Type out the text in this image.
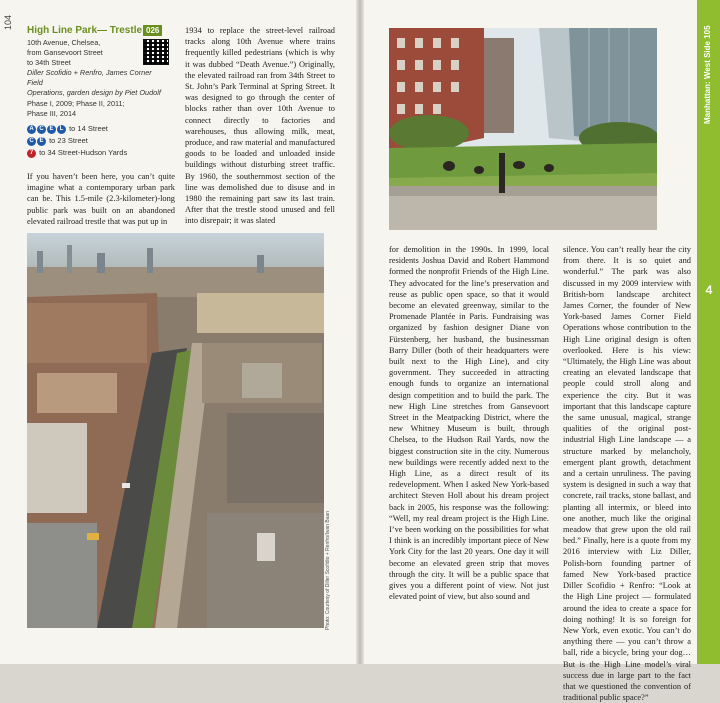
104
High Line Park— Trestle 026
10th Avenue, Chelsea,
from Gansevoort Street
to 34th Street
Diller Scofidio + Renfro, James Corner Field
Operations, garden design by Piet Oudolf
Phase I, 2009; Phase II, 2011;
Phase III, 2014
A C E L to 14 Street
C E to 23 Street
7 to 34 Street-Hudson Yards
If you haven’t been here, you can’t quite imagine what a contemporary urban park can be. This 1.5-mile (2.3-kilometer)-long public park was built on an abandoned elevated railroad trestle that was put up in
1934 to replace the street-level railroad tracks along 10th Avenue where trains frequently killed pedestrians (which is why it was dubbed “Death Avenue.”) Originally, the elevated railroad ran from 34th Street to St. John’s Park Terminal at Spring Street. It was designed to go through the center of blocks rather than over 10th Avenue to connect directly to factories and warehouses, thus allowing milk, meat, produce, and raw material and manufactured goods to be loaded and unloaded inside buildings without disturbing street traffic. By 1960, the southernmost section of the line was demolished due to disuse and in 1980 the remaining part saw its last train. After that the trestle stood unused and fell into disrepair; it was slated
Photo: Courtesy of Diller Scofidio + Renfro/Iwan Baan
for demolition in the 1990s. In 1999, local residents Joshua David and Robert Hammond formed the nonprofit Friends of the High Line. They advocated for the line’s preservation and reuse as public open space, so that it would become an elevated greenway, similar to the Promenade Plantée in Paris. Fundraising was organized by fashion designer Diane von Fürstenberg, her husband, the businessman Barry Diller (both of their headquarters were built next to the High Line), and city government. They succeeded in attracting enough funds to organize an international design competition and to build the park. The new High Line stretches from Gansevoort Street in the Meatpacking District, where the new Whitney Museum is built, through Chelsea, to the Hudson Rail Yards, now the biggest construction site in the city. Numerous new buildings were recently added next to the High Line, as a direct result of its redevelopment. When I asked New York-based architect Steven Holl about his dream project back in 2005, his response was the following: “Well, my real dream project is the High Line. I’ve been working on the possibilities for what I think is an incredibly important piece of New York City for the last 20 years. One day it will become an elevated green strip that moves through the city. It will be a public space that gives you a different point of view. Not just elevated point of view, but also sound and
silence. You can’t really hear the city from there. It is so quiet and wonderful.” The park was also discussed in my 2009 interview with British-born landscape architect James Corner, the founder of New York-based James Corner Field Operations whose contribution to the High Line original design is often overlooked. Here is his view: “Ultimately, the High Line was about creating an elevated landscape that people could stroll along and experience the city. But it was important that this landscape capture the same unusual, magical, strange qualities of the original post-industrial High Line landscape — a structure marked by melancholy, emergent plant growth, detachment and a certain unruliness. The paving system is designed in such a way that concrete, rail tracks, stone ballast, and planting all intermix, or bleed into one another, much like the original meadow that grew upon the old rail bed.” Finally, here is a quote from my 2016 interview with Liz Diller, Polish-born founding partner of famed New York-based practice Diller Scofidio + Renfro: “Look at the High Line project — formulated around the idea to create a space for doing nothing! It is so foreign for New York, even exotic. You can’t do anything there — you can’t throw a ball, ride a bicycle, bring your dog… But is the High Line model’s viral success due in large part to the fact that we questioned the convention of traditional public space?”
Manhattan: West Side 105
4
